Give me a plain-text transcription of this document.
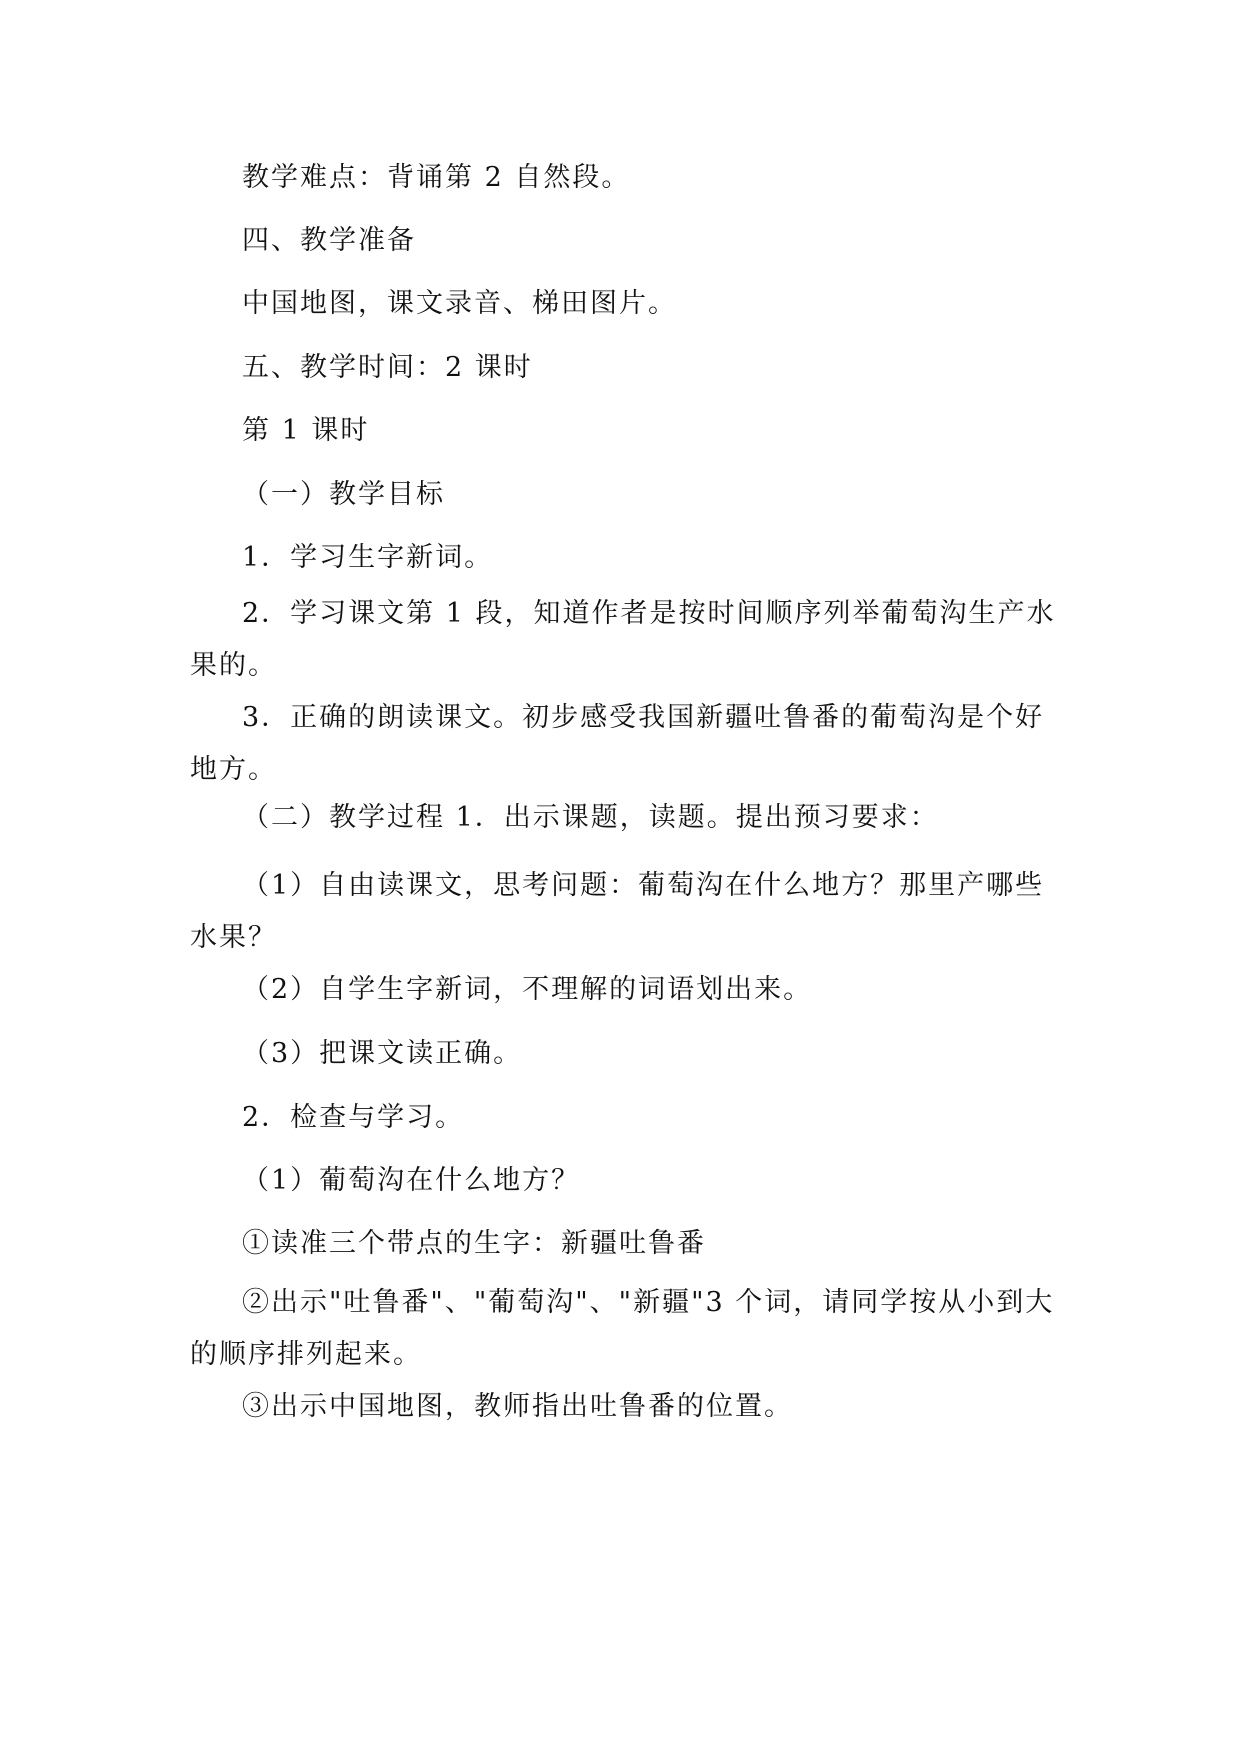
教学难点：背诵第 2 自然段。
四、教学准备
中国地图，课文录音、梯田图片。
五、教学时间：2 课时
第 1 课时
（一）教学目标
1．学习生字新词。
2．学习课文第 1 段，知道作者是按时间顺序列举葡萄沟生产水果的。
3．正确的朗读课文。初步感受我国新疆吐鲁番的葡萄沟是个好地方。
（二）教学过程 1．出示课题，读题。提出预习要求：
（1）自由读课文，思考问题：葡萄沟在什么地方？那里产哪些水果？
（2）自学生字新词，不理解的词语划出来。
（3）把课文读正确。
2．检查与学习。
（1）葡萄沟在什么地方？
①读准三个带点的生字：新疆吐鲁番
②出示"吐鲁番"、"葡萄沟"、"新疆"3 个词，请同学按从小到大的顺序排列起来。
③出示中国地图，教师指出吐鲁番的位置。
